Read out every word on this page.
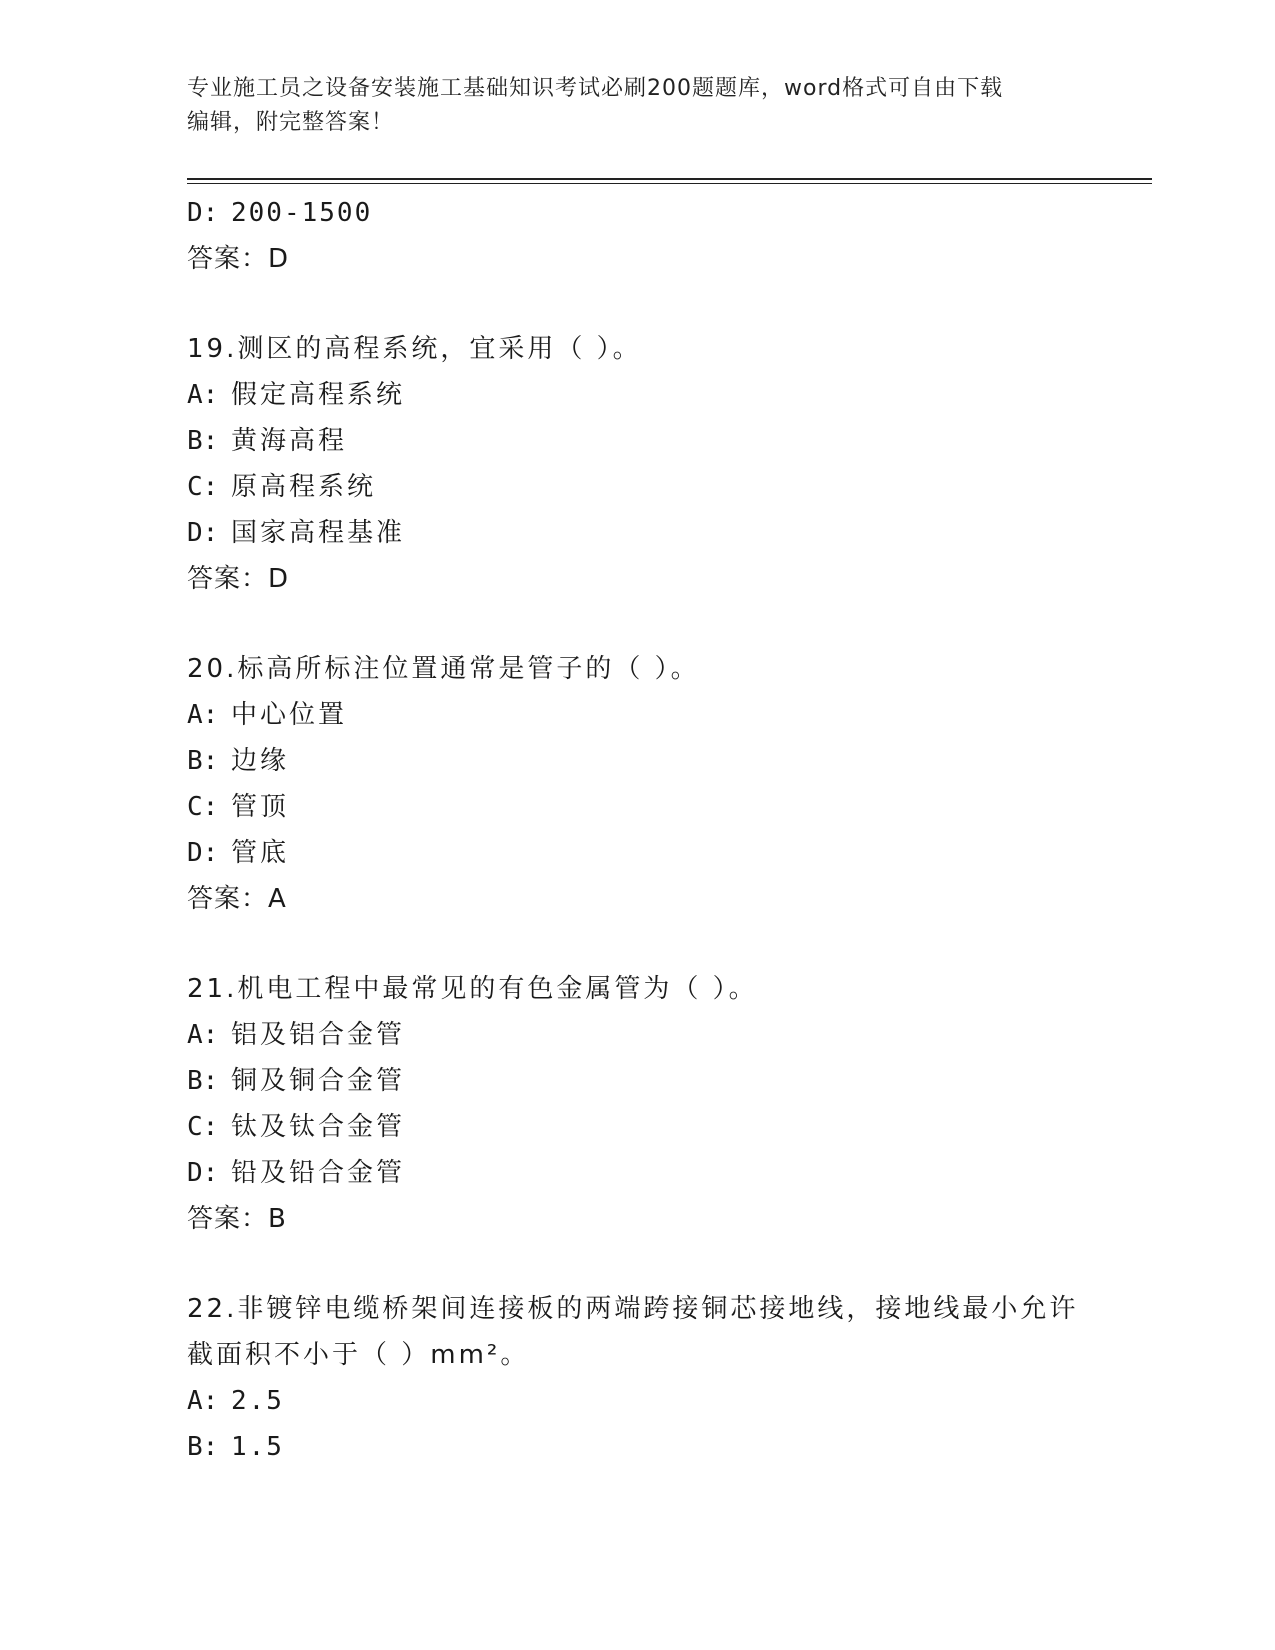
专业施工员之设备安装施工基础知识考试必刷200题题库，word格式可自由下载
编辑，附完整答案！
D: 200-1500
答案：D
19.测区的高程系统，宜采用（ ）。
A: 假定高程系统
B: 黄海高程
C: 原高程系统
D: 国家高程基准
答案：D
20.标高所标注位置通常是管子的（ ）。
A: 中心位置
B: 边缘
C: 管顶
D: 管底
答案：A
21.机电工程中最常见的有色金属管为（ ）。
A: 铝及铝合金管
B: 铜及铜合金管
C: 钛及钛合金管
D: 铅及铅合金管
答案：B
22.非镀锌电缆桥架间连接板的两端跨接铜芯接地线，接地线最小允许
截面积不小于（ ）mm²。
A: 2.5
B: 1.5
